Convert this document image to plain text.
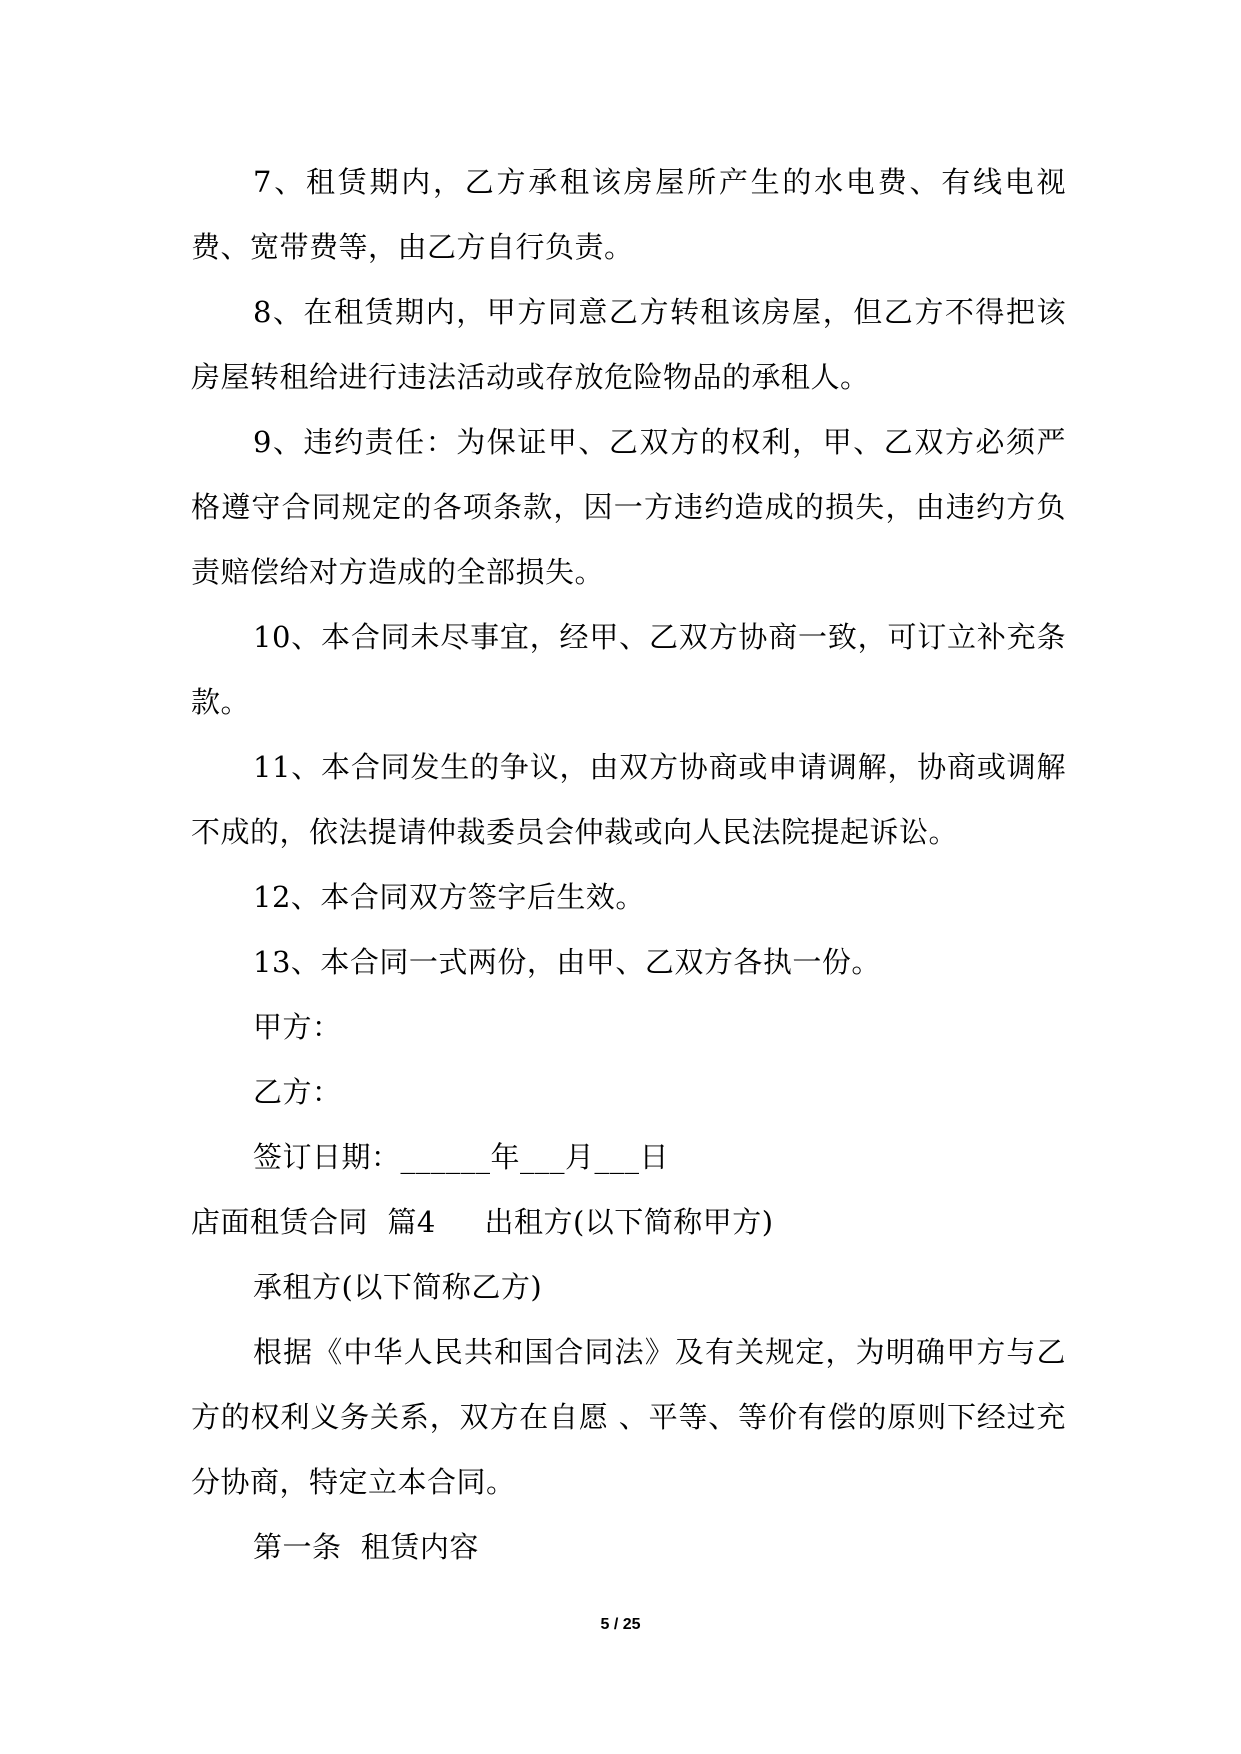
7、租赁期内，乙方承租该房屋所产生的水电费、有线电视费、宽带费等，由乙方自行负责。

8、在租赁期内，甲方同意乙方转租该房屋，但乙方不得把该房屋转租给进行违法活动或存放危险物品的承租人。

9、违约责任：为保证甲、乙双方的权利，甲、乙双方必须严格遵守合同规定的各项条款，因一方违约造成的损失，由违约方负责赔偿给对方造成的全部损失。

10、本合同未尽事宜，经甲、乙双方协商一致，可订立补充条款。

11、本合同发生的争议，由双方协商或申请调解，协商或调解不成的，依法提请仲裁委员会仲裁或向人民法院提起诉讼。

12、本合同双方签字后生效。

13、本合同一式两份，由甲、乙双方各执一份。

甲方：

乙方：

签订日期：______年___月___日

店面租赁合同  篇4     出租方(以下简称甲方)

承租方(以下简称乙方)

根据《中华人民共和国合同法》及有关规定，为明确甲方与乙方的权利义务关系，双方在自愿 、平等、等价有偿的原则下经过充分协商，特定立本合同。

第一条  租赁内容

5 / 25
